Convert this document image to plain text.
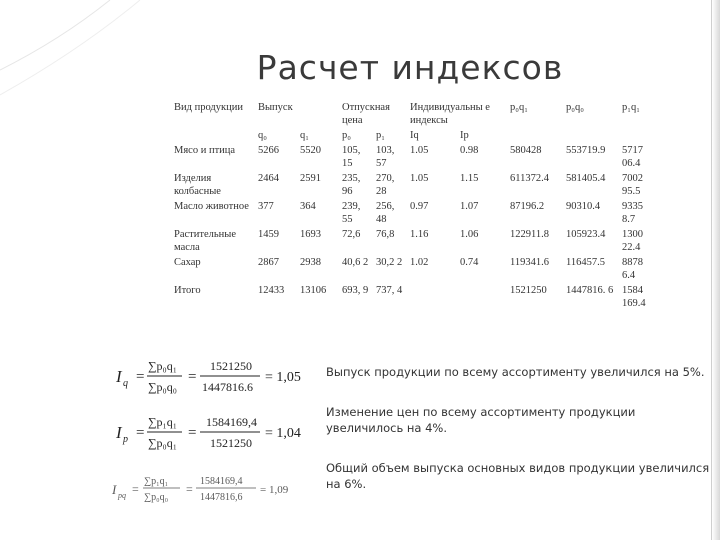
Расчет индексов
Вид продукции	Выпуск		Отпускная цена		Индивидуальны е индексы		p₀q₁	p₀q₀	p₁q₁
	q₀	q₁	p₀	p₁	Iq	Ip			
Мясо и птица	5266	5520	105, 15	103, 57	1.05	0.98	580428	553719.9	5717 06.4
Изделия колбасные	2464	2591	235, 96	270, 28	1.05	1.15	611372.4	581405.4	7002 95.5
Масло животное	377	364	239, 55	256, 48	0.97	1.07	87196.2	90310.4	9335 8.7
Растительные масла	1459	1693	72,6	76,8	1.16	1.06	122911.8	105923.4	1300 22.4
Сахар	2867	2938	40,6 2	30,2 2	1.02	0.74	119341.6	116457.5	8878 6.4
Итого	12433	13106	693, 9	737, 4			1521250	1447816. 6	1584 169.4
I q =
∑p₀q₁
∑p₀q₀
=
1521250
1447816.6
= 1,05
I p =
∑p₁q₁
∑p₀q₁
=
1584169,4
1521250
= 1,04
I pq =
∑p₁q₁
∑p₀q₀
=
1584169,4
1447816,6
= 1,09
Выпуск продукции по всему ассортименту увеличился на 5%.
Изменение цен по всему ассортименту продукции увеличилось на 4%.
Общий объем выпуска основных видов продукции увеличился на 6%.
